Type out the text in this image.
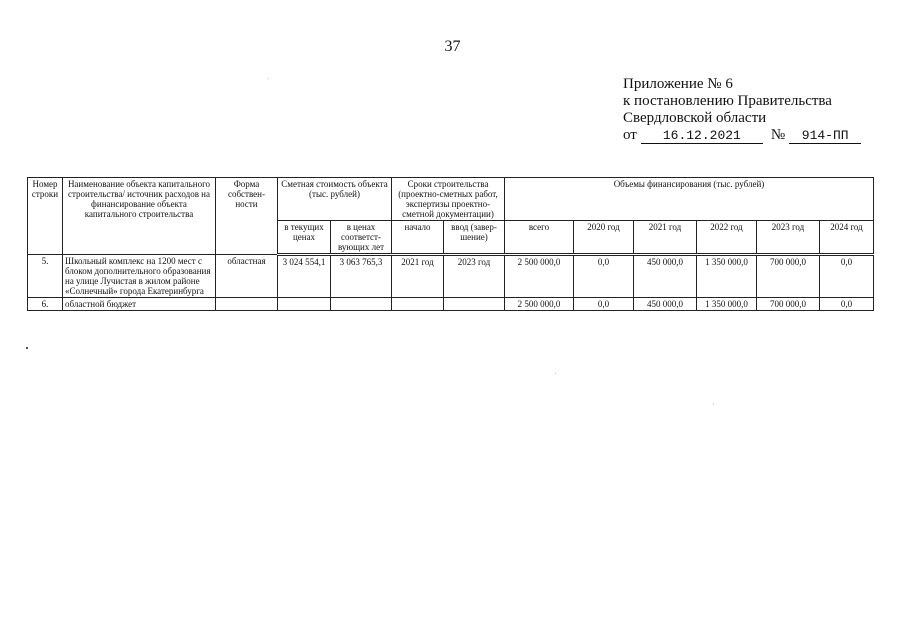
37
Приложение № 6
к постановлению Правительства
Свердловской области
от	16.12.2021	№	914-ПП
Номер строки	Наименование объекта капитального строительства/ источник расходов на финансирование объекта капитального строительства	Форма собствен-ности	Сметная стоимость объекта (тыс. рублей)		Сроки строительства (проектно-сметных работ, экспертизы проектно-сметной документации)		Объемы финансирования (тыс. рублей)					
			в текущих ценах	в ценах соответст-вующих лет	начало	ввод (завер-шение)	всего	2020 год	2021 год	2022 год	2023 год	2024 год
5.	Школьный комплекс на 1200 мест с блоком дополнительного образования на улице Лучистая в жилом районе «Солнечный» города Екатеринбурга	областная	3 024 554,1	3 063 765,3	2021 год	2023 год	2 500 000,0	0,0	450 000,0	1 350 000,0	700 000,0	0,0
6.	областной бюджет						2 500 000,0	0,0	450 000,0	1 350 000,0	700 000,0	0,0
